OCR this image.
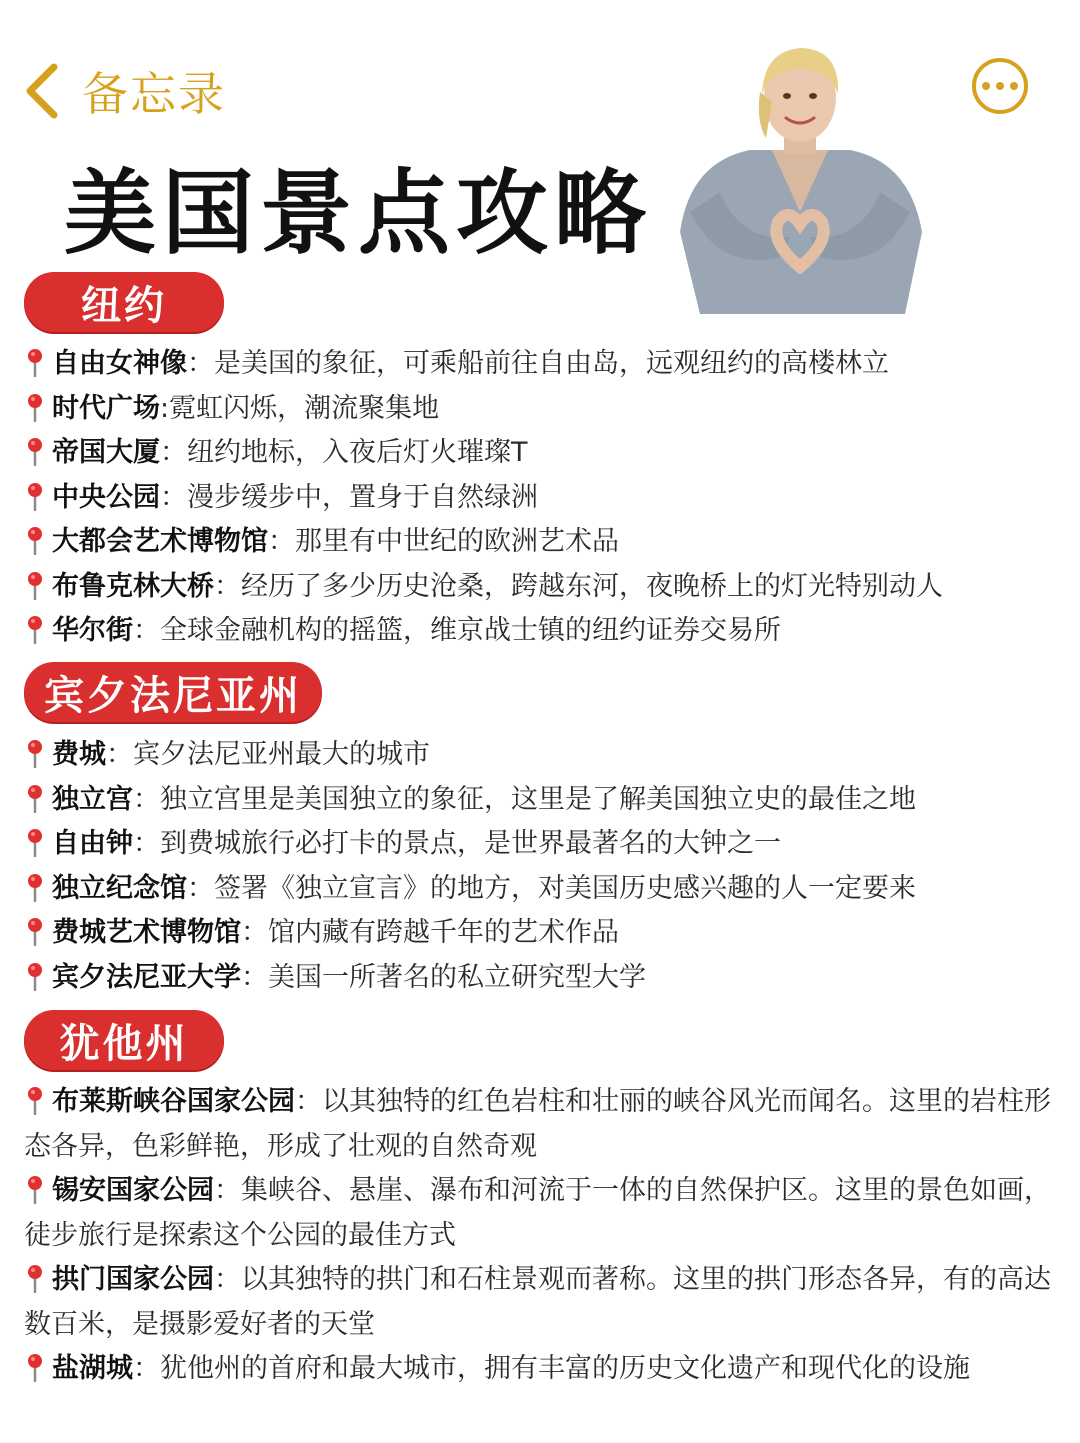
备忘录
美国景点攻略
纽约
宾夕法尼亚州
犹他州
自由女神像：是美国的象征，可乘船前往自由岛，远观纽约的高楼林立
时代广场:霓虹闪烁，潮流聚集地
帝国大厦：纽约地标，入夜后灯火璀璨T
中央公园：漫步缓步中，置身于自然绿洲
大都会艺术博物馆：那里有中世纪的欧洲艺术品
布鲁克林大桥：经历了多少历史沧桑，跨越东河，夜晚桥上的灯光特别动人
华尔街：全球金融机构的摇篮，维京战士镇的纽约证券交易所
费城：宾夕法尼亚州最大的城市
独立宫：独立宫里是美国独立的象征，这里是了解美国独立史的最佳之地
自由钟：到费城旅行必打卡的景点，是世界最著名的大钟之一
独立纪念馆：签署《独立宣言》的地方，对美国历史感兴趣的人一定要来
费城艺术博物馆：馆内藏有跨越千年的艺术作品
宾夕法尼亚大学：美国一所著名的私立研究型大学
布莱斯峡谷国家公园：以其独特的红色岩柱和壮丽的峡谷风光而闻名。这里的岩柱形态各异，色彩鲜艳，形成了壮观的自然奇观
锡安国家公园：集峡谷、悬崖、瀑布和河流于一体的自然保护区。这里的景色如画，徒步旅行是探索这个公园的最佳方式
拱门国家公园：以其独特的拱门和石柱景观而著称。这里的拱门形态各异，有的高达数百米，是摄影爱好者的天堂
盐湖城：犹他州的首府和最大城市，拥有丰富的历史文化遗产和现代化的设施
